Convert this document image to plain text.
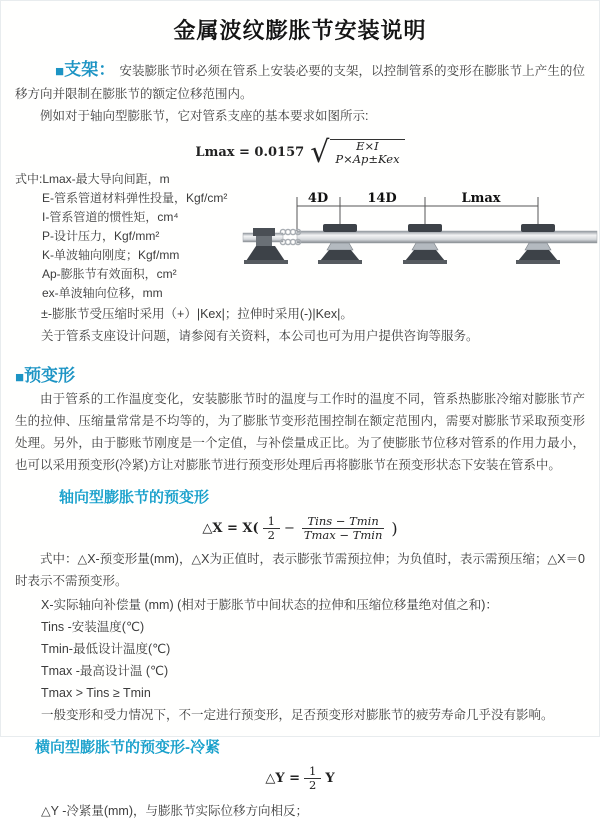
金属波纹膨胀节安装说明

■支架： 安装膨胀节时必须在管系上安装必要的支架，以控制管系的变形在膨胀节上产生的位移方向并限制在膨胀节的额定位移范围内。

例如对于轴向型膨胀节，它对管系支座的基本要求如图所示:

Lmax = 0.0157 √	E×I
P×Ap±Kex
式中:Lmax-最大导向间距，m
E-管系管道材料弹性投量，Kgf/cm²
I-管系管道的惯性矩，cm⁴
P-设计压力，Kgf/mm²
K-单波轴向刚度；Kgf/mm
Ap-膨胀节有效面积，cm²
ex-单波轴向位移，mm
±-膨胀节受压缩时采用（+）|Kex|；拉伸时采用(-)|Kex|。
关于管系支座设计问题，请参阅有关资料，本公司也可为用户提供咨询等服务。
■预变形

由于管系的工作温度变化，安装膨胀节时的温度与工作时的温度不同，管系热膨胀冷缩对膨胀节产生的拉伸、压缩量常常是不均等的，为了膨胀节变形范围控制在额定范围内，需要对膨胀节采取预变形处理。另外，由于膨账节刚度是一个定值，与补偿量成正比。为了使膨胀节位移对管系的作用力最小，也可以采用预变形(冷紧)方让对膨胀节进行预变形处理后再将膨胀节在预变形状态下安装在管系中。

轴向型膨胀节的预变形
△X = $X( \frac{1}{2} - \frac{\text{Tins − Tmin}}{Tmax - Tmin}$ )

式中：△X-预变形量(mm)，△X为正值时，表示膨张节需预拉伸；为负值时，表示需预压缩；△X＝0时表示不需预变形。

X-实际轴向补偿量 (mm) (相对于膨胀节中间状态的拉伸和压缩位移量绝对值之和)：
Tins -安装温度(℃)
Tmin-最低设计温度(℃)
Tmax -最高设计温 (℃)
Tmax > Tins ≥ Tmin
一般变形和受力情况下，不一定进行预变形，足否预变形对膨胀节的疲劳寿命几乎没有影响。
横向型膨胀节的预变形-冷紧
△Y = $\frac{1}{2}$ Y
△Y -冷紧量(mm)，与膨胀节实际位移方向相反；
4D	14D	Lmax
